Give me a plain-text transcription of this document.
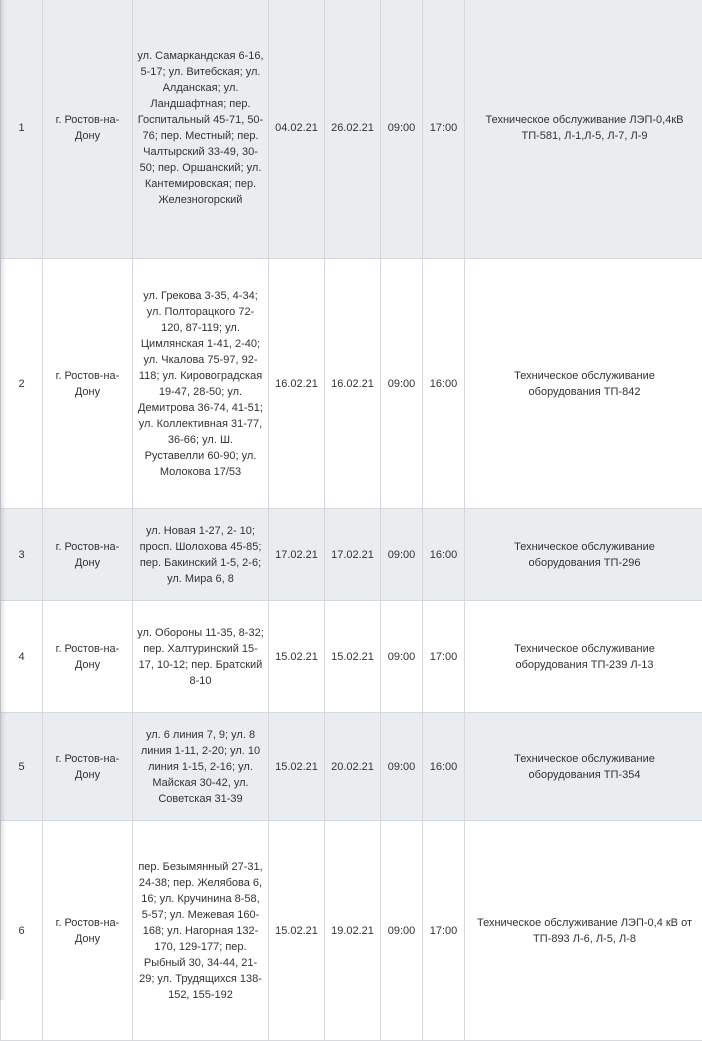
1	г. Ростов-на-Дону	ул. Самаркандская 6-16, 5-17; ул. Витебская; ул. Алданская; ул. Ландшафтная; пер. Госпитальный 45-71, 50-76; пер. Местный; пер. Чалтырский 33-49, 30-50; пер. Оршанский; ул. Кантемировская; пер. Железногорский	04.02.21	26.02.21	09:00	17:00	Техническое обслуживание ЛЭП-0,4кВ ТП-581, Л-1,Л-5, Л-7, Л-9
2	г. Ростов-на-Дону	ул. Грекова 3-35, 4-34; ул. Полторацкого 72-120, 87-119; ул. Цимлянская 1-41, 2-40; ул. Чкалова 75-97, 92-118; ул. Кировоградская 19-47, 28-50; ул. Демитрова 36-74, 41-51; ул. Коллективная 31-77, 36-66; ул. Ш. Руставелли 60-90; ул. Молокова 17/53	16.02.21	16.02.21	09:00	16:00	Техническое обслуживание оборудования ТП-842
3	г. Ростов-на-Дону	ул. Новая 1-27, 2- 10; просп. Шолохова 45-85; пер. Бакинский 1-5, 2-6; ул. Мира 6, 8	17.02.21	17.02.21	09:00	16:00	Техническое обслуживание оборудования ТП-296
4	г. Ростов-на-Дону	ул. Обороны 11-35, 8-32; пер. Халтуринский 15-17, 10-12; пер. Братский 8-10	15.02.21	15.02.21	09:00	17:00	Техническое обслуживание оборудования ТП-239 Л-13
5	г. Ростов-на-Дону	ул. 6 линия 7, 9; ул. 8 линия 1-11, 2-20; ул. 10 линия 1-15, 2-16; ул. Майская 30-42, ул. Советская 31-39	15.02.21	20.02.21	09:00	16:00	Техническое обслуживание оборудования ТП-354
6	г. Ростов-на-Дону	пер. Безымянный 27-31, 24-38; пер. Желябова 6, 16; ул. Кручинина 8-58, 5-57; ул. Межевая 160-168; ул. Нагорная 132-170, 129-177; пер. Рыбный 30, 34-44, 21-29; ул. Трудящихся 138-152, 155-192	15.02.21	19.02.21	09:00	17:00	Техническое обслуживание ЛЭП-0,4 кВ от ТП-893 Л-6, Л-5, Л-8
